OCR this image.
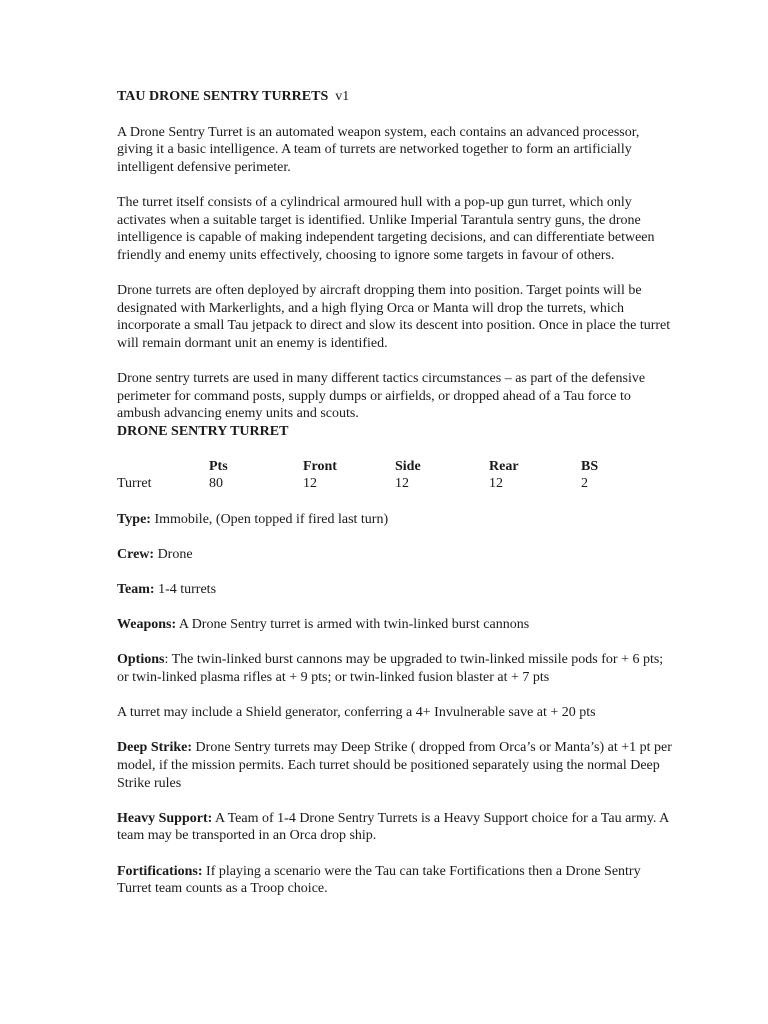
TAU DRONE SENTRY TURRETS v1

A Drone Sentry Turret is an automated weapon system, each contains an advanced processor, giving it a basic intelligence. A team of turrets are networked together to form an artificially intelligent defensive perimeter.

The turret itself consists of a cylindrical armoured hull with a pop-up gun turret, which only activates when a suitable target is identified. Unlike Imperial Tarantula sentry guns, the drone intelligence is capable of making independent targeting decisions, and can differentiate between friendly and enemy units effectively, choosing to ignore some targets in favour of others.

Drone turrets are often deployed by aircraft dropping them into position. Target points will be designated with Markerlights, and a high flying Orca or Manta will drop the turrets, which incorporate a small Tau jetpack to direct and slow its descent into position. Once in place the turret will remain dormant unit an enemy is identified.

Drone sentry turrets are used in many different tactics circumstances – as part of the defensive perimeter for command posts, supply dumps or airfields, or dropped ahead of a Tau force to ambush advancing enemy units and scouts.

DRONE SENTRY TURRET
	Pts	Front	Side	Rear	BS
Turret	80	12	12	12	2

Type: Immobile, (Open topped if fired last turn)

Crew: Drone

Team: 1-4 turrets

Weapons: A Drone Sentry turret is armed with twin-linked burst cannons

Options: The twin-linked burst cannons may be upgraded to twin-linked missile pods for + 6 pts; or twin-linked plasma rifles at + 9 pts; or twin-linked fusion blaster at + 7 pts

A turret may include a Shield generator, conferring a 4+ Invulnerable save at + 20 pts

Deep Strike: Drone Sentry turrets may Deep Strike ( dropped from Orca’s or Manta’s) at +1 pt per model, if the mission permits. Each turret should be positioned separately using the normal Deep Strike rules

Heavy Support: A Team of 1-4 Drone Sentry Turrets is a Heavy Support choice for a Tau army. A team may be transported in an Orca drop ship.

Fortifications: If playing a scenario were the Tau can take Fortifications then a Drone Sentry Turret team counts as a Troop choice.
